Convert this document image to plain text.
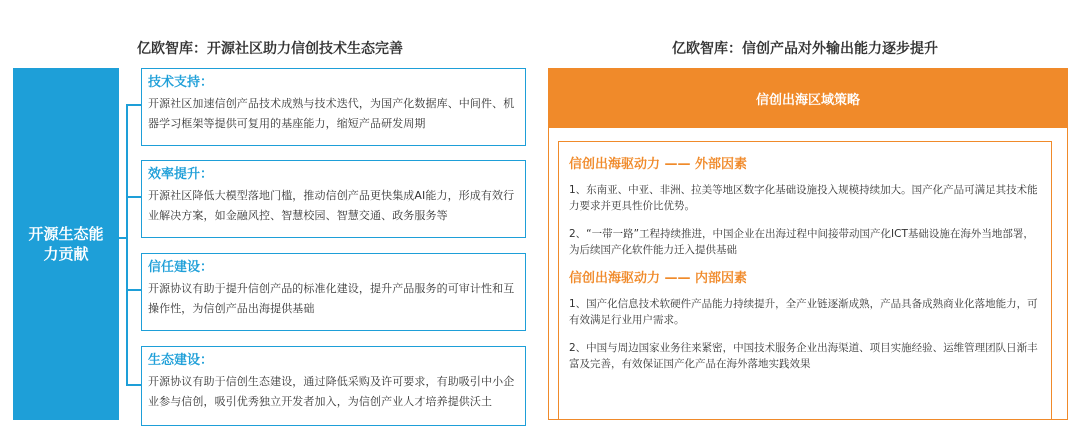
亿欧智库：开源社区助力信创技术生态完善	亿欧智库：信创产品对外输出能力逐步提升
开源生态能力贡献
技术支持：
开源社区加速信创产品技术成熟与技术迭代，为国产化数据库、中间件、机器学习框架等提供可复用的基座能力，缩短产品研发周期
效率提升：
开源社区降低大模型落地门槛，推动信创产品更快集成AI能力，形成有效行业解决方案，如金融风控、智慧校园、智慧交通、政务服务等
信任建设：
开源协议有助于提升信创产品的标准化建设，提升产品服务的可审计性和互操作性，为信创产品出海提供基础
生态建设：
开源协议有助于信创生态建设，通过降低采购及许可要求，有助吸引中小企业参与信创，吸引优秀独立开发者加入，为信创产业人才培养提供沃土
信创出海区域策略
信创出海驱动力 —— 外部因素
1、东南亚、中亚、非洲、拉美等地区数字化基础设施投入规模持续加大。国产化产品可满足其技术能力要求并更具性价比优势。
2、“一带一路”工程持续推进，中国企业在出海过程中间接带动国产化ICT基础设施在海外当地部署，为后续国产化软件能力迁入提供基础
信创出海驱动力 —— 内部因素
1、国产化信息技术软硬件产品能力持续提升，全产业链逐渐成熟，产品具备成熟商业化落地能力，可有效满足行业用户需求。
2、中国与周边国家业务往来紧密，中国技术服务企业出海渠道、项目实施经验、运维管理团队日渐丰富及完善，有效保证国产化产品在海外落地实践效果
